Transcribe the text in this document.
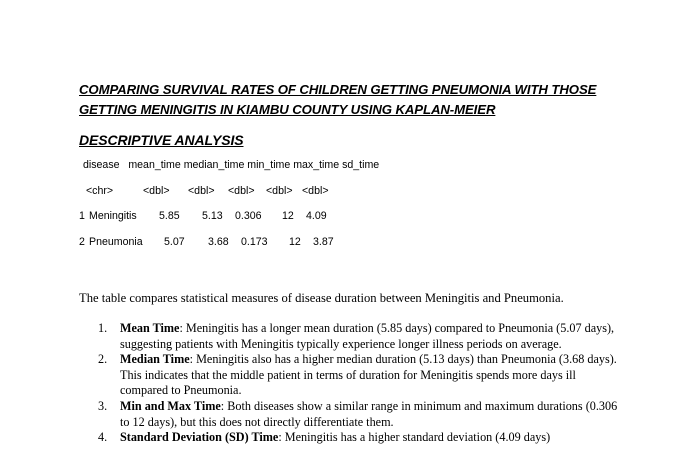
COMPARING SURVIVAL RATES OF CHILDREN GETTING PNEUMONIA WITH THOSE
GETTING MENINGITIS IN KIAMBU COUNTY USING KAPLAN-MEIER
DESCRIPTIVE ANALYSIS
disease   mean_time median_time min_time max_time sd_time
<chr>	<dbl> <dbl> <dbl> <dbl> <dbl>
1 Meningitis 5.85 5.13 0.306 12 4.09
2 Pneumonia 5.07 3.68 0.173 12 3.87
The table compares statistical measures of disease duration between Meningitis and Pneumonia.
1. Mean Time: Meningitis has a longer mean duration (5.85 days) compared to Pneumonia (5.07 days), suggesting patients with Meningitis typically experience longer illness periods on average.
2. Median Time: Meningitis also has a higher median duration (5.13 days) than Pneumonia (3.68 days). This indicates that the middle patient in terms of duration for Meningitis spends more days ill compared to Pneumonia.
3. Min and Max Time: Both diseases show a similar range in minimum and maximum durations (0.306 to 12 days), but this does not directly differentiate them.
4. Standard Deviation (SD) Time: Meningitis has a higher standard deviation (4.09 days)
